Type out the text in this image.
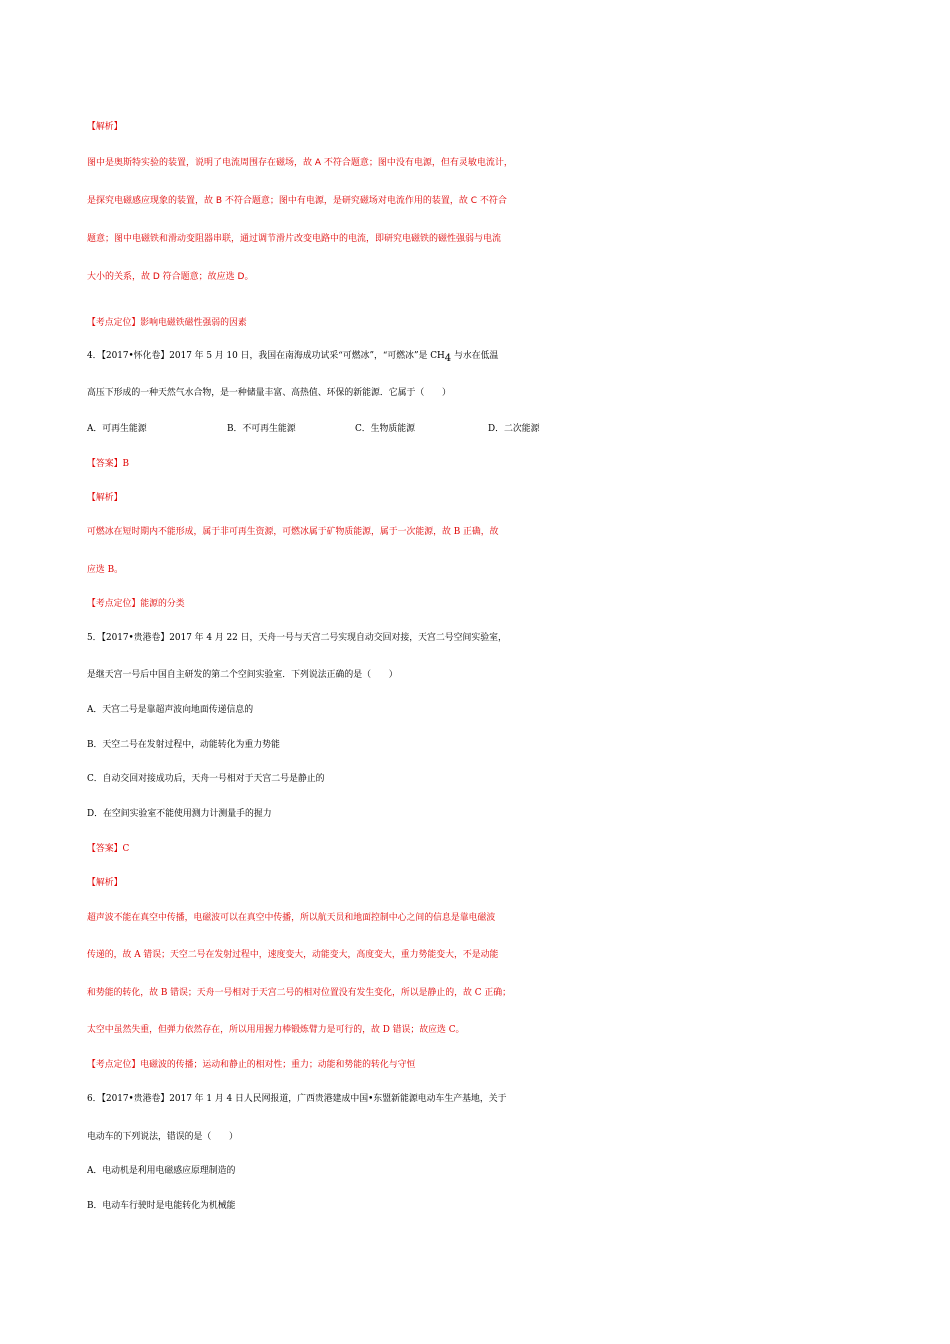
【解析】

图中是奥斯特实验的装置，说明了电流周围存在磁场，故 A 不符合题意；图中没有电源，但有灵敏电流计，

是探究电磁感应现象的装置，故 B 不符合题意；图中有电源，是研究磁场对电流作用的装置，故 C 不符合

题意；图中电磁铁和滑动变阻器串联，通过调节滑片改变电路中的电流，即研究电磁铁的磁性强弱与电流

大小的关系，故 D 符合题意；故应选 D。

【考点定位】影响电磁铁磁性强弱的因素

4．【2017•怀化卷】2017 年 5 月 10 日，我国在南海成功试采“可燃冰”，“可燃冰”是 CH4 与水在低温

高压下形成的一种天然气水合物，是一种储量丰富、高热值、环保的新能源．它属于（　　）

A．可再生能源	B．不可再生能源	C．生物质能源	D．二次能源

【答案】B

【解析】

可燃冰在短时期内不能形成，属于非可再生资源，可燃冰属于矿物质能源，属于一次能源，故 B 正确，故

应选 B。

【考点定位】能源的分类

5．【2017•贵港卷】2017 年 4 月 22 日，天舟一号与天宫二号实现自动交回对接，天宫二号空间实验室，

是继天宫一号后中国自主研发的第二个空间实验室．下列说法正确的是（　　）

A．天宫二号是靠超声波向地面传递信息的

B．天空二号在发射过程中，动能转化为重力势能

C．自动交回对接成功后，天舟一号相对于天宫二号是静止的

D．在空间实验室不能使用测力计测量手的握力

【答案】C

【解析】

超声波不能在真空中传播，电磁波可以在真空中传播，所以航天员和地面控制中心之间的信息是靠电磁波

传递的，故 A 错误；天空二号在发射过程中，速度变大，动能变大，高度变大，重力势能变大，不是动能

和势能的转化，故 B 错误；天舟一号相对于天宫二号的相对位置没有发生变化，所以是静止的，故 C 正确；

太空中虽然失重，但弹力依然存在，所以用用握力棒锻炼臂力是可行的，故 D 错误；故应选 C。

【考点定位】电磁波的传播；运动和静止的相对性；重力；动能和势能的转化与守恒

6．【2017•贵港卷】2017 年 1 月 4 日人民网报道，广西贵港建成中国•东盟新能源电动车生产基地，关于

电动车的下列说法，错误的是（　　）

A．电动机是利用电磁感应原理制造的

B．电动车行驶时是电能转化为机械能
